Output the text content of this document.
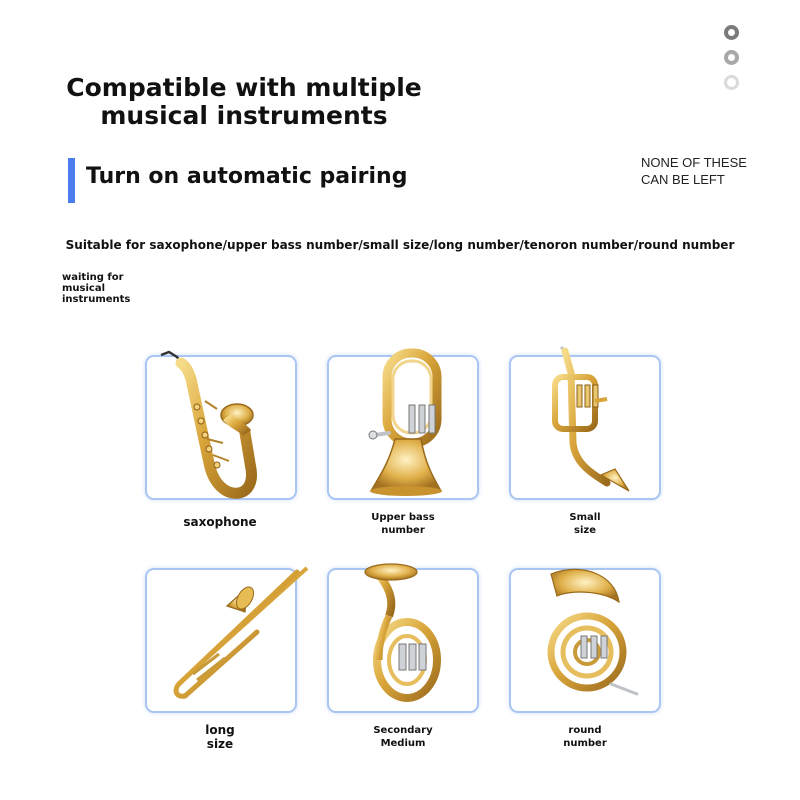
Compatible with multiple
musical instruments
Turn on automatic pairing
NONE OF THESE
CAN BE LEFT
Suitable for saxophone/upper bass number/small size/long number/tenoron number/round number
waiting for
musical
instruments
saxophone	Upper bass
number
Small
size
long
size
Secondary
Medium
round
number
